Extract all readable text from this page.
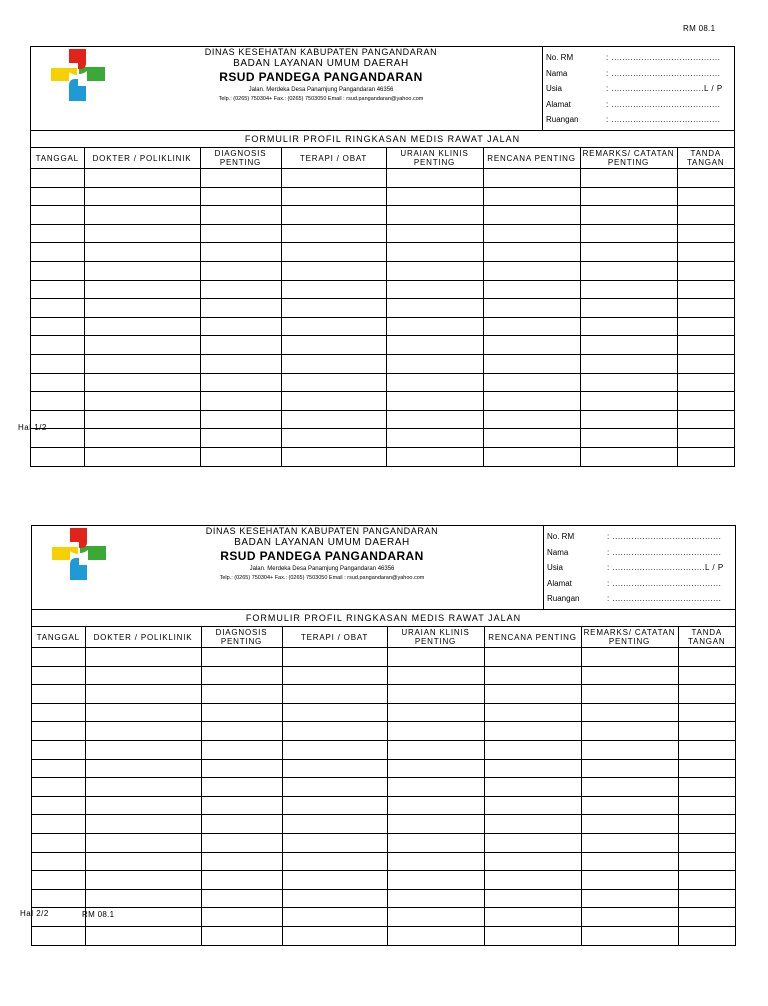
RM 08.1
DINAS KESEHATAN KABUPATEN PANGANDARAN
BADAN LAYANAN UMUM DAERAH
RSUD PANDEGA PANGANDARAN
Jalan. Merdeka Desa Panamjung Pangandaran 46356
Telp.: (0265) 750304+ Fax.: (0265) 7503050 Email : rsud.pangandaran@yahoo.com
No. RM	: ........................................
Nama	: ........................................
Usia	: ..................................L / P
Alamat	: ........................................
Ruangan	: ........................................
FORMULIR PROFIL RINGKASAN MEDIS RAWAT JALAN
TANGGAL	DOKTER / POLIKLINIK	DIAGNOSIS PENTING	TERAPI / OBAT	URAIAN KLINIS PENTING	RENCANA PENTING	REMARKS/ CATATAN PENTING	TANDA TANGAN

Hal 1/2
DINAS KESEHATAN KABUPATEN PANGANDARAN
BADAN LAYANAN UMUM DAERAH
RSUD PANDEGA PANGANDARAN
Jalan. Merdeka Desa Panamjung Pangandaran 46356
Telp.: (0265) 750304+ Fax.: (0265) 7503050 Email : rsud.pangandaran@yahoo.com
No. RM	: ........................................
Nama	: ........................................
Usia	: ..................................L / P
Alamat	: ........................................
Ruangan	: ........................................
FORMULIR PROFIL RINGKASAN MEDIS RAWAT JALAN
TANGGAL	DOKTER / POLIKLINIK	DIAGNOSIS PENTING	TERAPI / OBAT	URAIAN KLINIS PENTING	RENCANA PENTING	REMARKS/ CATATAN PENTING	TANDA TANGAN

Hal 2/2	RM 08.1
